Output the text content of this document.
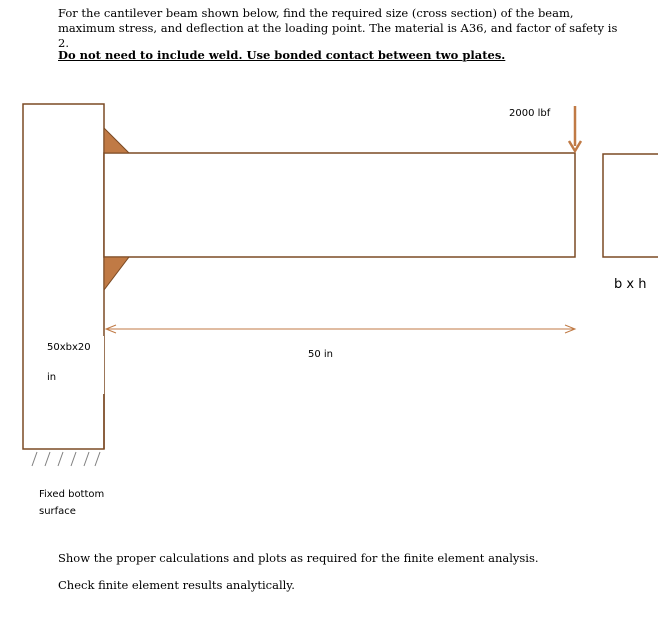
For the cantilever beam shown below, find the required size (cross section) of the beam, maximum stress, and deflection at the loading point. The material is A36, and factor of safety is 2.

Do not need to include weld. Use bonded contact between two plates.

2000 lbf
b x h
50 in
50xbx20
in
Fixed bottom
surface

Show the proper calculations and plots as required for the finite element analysis.

Check finite element results analytically.
